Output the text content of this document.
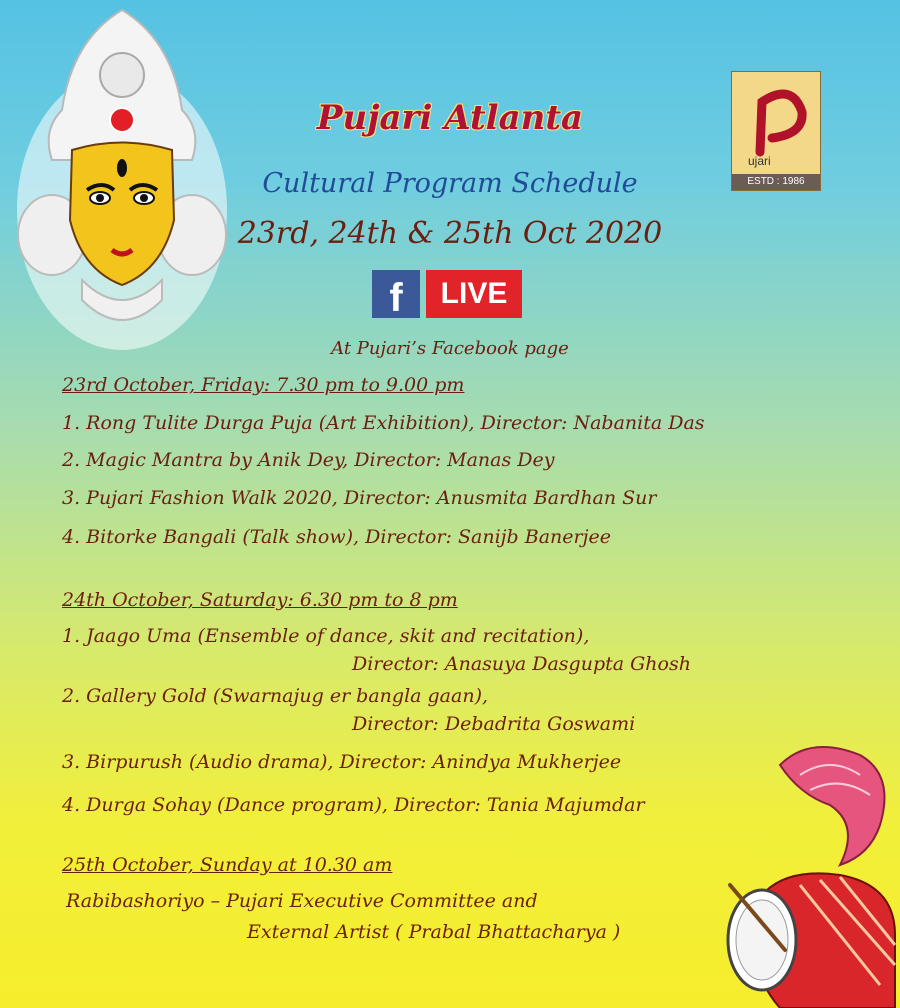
ujari
ESTD : 1986
Pujari Atlanta
Cultural Program Schedule
23rd, 24th & 25th Oct 2020
f	LIVE
At Pujari’s Facebook page
23rd October, Friday: 7.30 pm to 9.00 pm
1. Rong Tulite Durga Puja (Art Exhibition), Director: Nabanita Das
2. Magic Mantra by Anik Dey, Director: Manas Dey
3. Pujari Fashion Walk 2020, Director: Anusmita Bardhan Sur
4. Bitorke Bangali (Talk show), Director: Sanijb Banerjee
24th October, Saturday: 6.30 pm to 8 pm
1. Jaago Uma (Ensemble of dance, skit and recitation),
Director: Anasuya Dasgupta Ghosh
2. Gallery Gold (Swarnajug er bangla gaan),
Director: Debadrita Goswami
3. Birpurush (Audio drama), Director: Anindya Mukherjee
4. Durga Sohay (Dance program), Director: Tania Majumdar
25th October, Sunday at 10.30 am
Rabibashoriyo – Pujari Executive Committee and
External Artist ( Prabal Bhattacharya )
